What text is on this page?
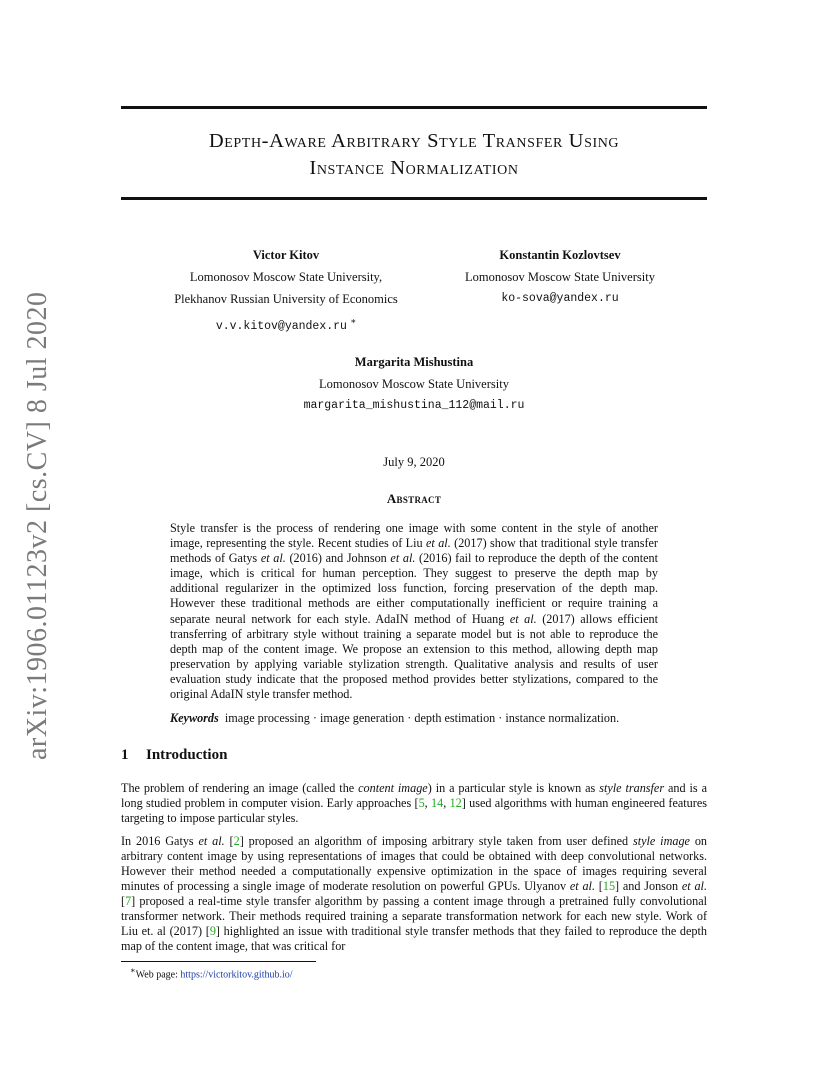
arXiv:1906.01123v2 [cs.CV] 8 Jul 2020
Depth-Aware Arbitrary Style Transfer Using
Instance Normalization
Victor Kitov
Lomonosov Moscow State University,
Plekhanov Russian University of Economics
v.v.kitov@yandex.ru ∗
Konstantin Kozlovtsev
Lomonosov Moscow State University
ko-sova@yandex.ru
Margarita Mishustina
Lomonosov Moscow State University
margarita_mishustina_112@mail.ru
July 9, 2020
Abstract
Style transfer is the process of rendering one image with some content in the style of another image, representing the style. Recent studies of Liu et al. (2017) show that traditional style transfer methods of Gatys et al. (2016) and Johnson et al. (2016) fail to reproduce the depth of the content image, which is critical for human perception. They suggest to preserve the depth map by additional regularizer in the optimized loss function, forcing preservation of the depth map. However these traditional methods are either computationally inefficient or require training a separate neural network for each style. AdaIN method of Huang et al. (2017) allows efficient transferring of arbitrary style without training a separate model but is not able to reproduce the depth map of the content image. We propose an extension to this method, allowing depth map preservation by applying variable stylization strength. Qualitative analysis and results of user evaluation study indicate that the proposed method provides better stylizations, compared to the original AdaIN style transfer method.
Keywords image processing · image generation · depth estimation · instance normalization.
1 Introduction
The problem of rendering an image (called the content image) in a particular style is known as style transfer and is a long studied problem in computer vision. Early approaches [5, 14, 12] used algorithms with human engineered features targeting to impose particular styles.
In 2016 Gatys et al. [2] proposed an algorithm of imposing arbitrary style taken from user defined style image on arbitrary content image by using representations of images that could be obtained with deep convolutional networks. However their method needed a computationally expensive optimization in the space of images requiring several minutes of processing a single image of moderate resolution on powerful GPUs. Ulyanov et al. [15] and Jonson et al. [7] proposed a real-time style transfer algorithm by passing a content image through a pretrained fully convolutional transformer network. Their methods required training a separate transformation network for each new style. Work of Liu et. al (2017) [9] highlighted an issue with traditional style transfer methods that they failed to reproduce the depth map of the content image, that was critical for
∗Web page: https://victorkitov.github.io/
